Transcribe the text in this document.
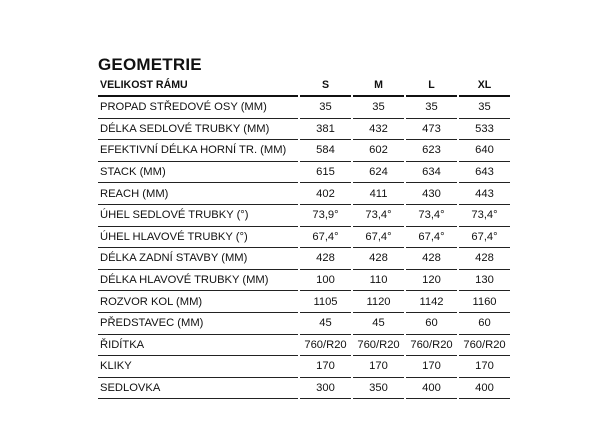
GEOMETRIE
VELIKOST RÁMU	S	M	L	XL
PROPAD STŘEDOVÉ OSY (MM)	35	35	35	35
DÉLKA SEDLOVÉ TRUBKY (MM)	381	432	473	533
EFEKTIVNÍ DÉLKA HORNÍ TR. (MM)	584	602	623	640
STACK (MM)	615	624	634	643
REACH (MM)	402	411	430	443
ÚHEL SEDLOVÉ TRUBKY (°)	73,9°	73,4°	73,4°	73,4°
ÚHEL HLAVOVÉ TRUBKY (°)	67,4°	67,4°	67,4°	67,4°
DÉLKA ZADNÍ STAVBY (MM)	428	428	428	428
DÉLKA HLAVOVÉ TRUBKY (MM)	100	110	120	130
ROZVOR KOL (MM)	1105	1120	1142	1160
PŘEDSTAVEC (MM)	45	45	60	60
ŘIDÍTKA	760/R20	760/R20	760/R20	760/R20
KLIKY	170	170	170	170
SEDLOVKA	300	350	400	400
